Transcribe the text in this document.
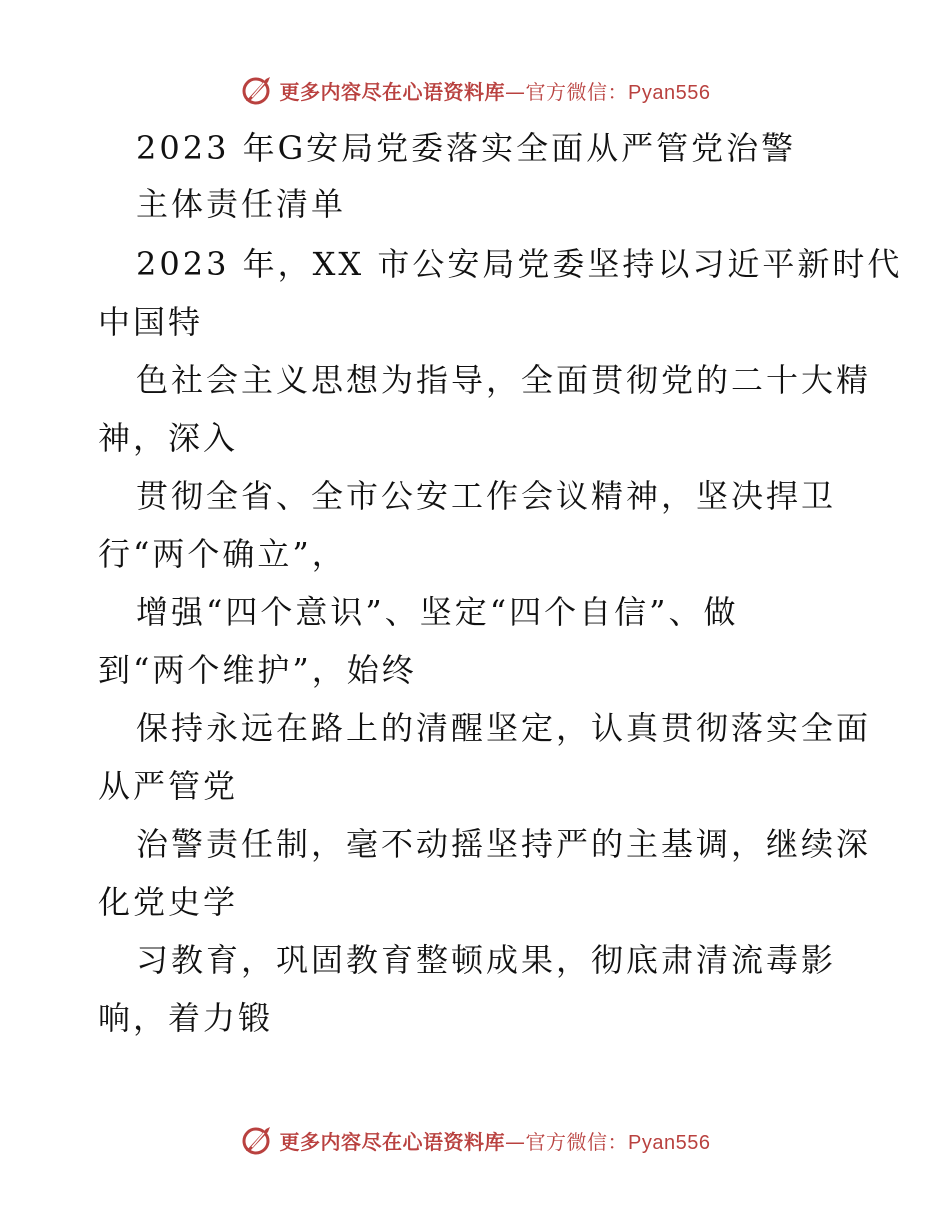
更多内容尽在心语资料库—官方微信：Pyan556
2023 年G安局党委落实全面从严管党治警
主体责任清单
2023 年，XX 市公安局党委坚持以习近平新时代
中国特
色社会主义思想为指导，全面贯彻党的二十大精
神，深入
贯彻全省、全市公安工作会议精神，坚决捍卫
行“两个确立”，
增强“四个意识”、坚定“四个自信”、做
到“两个维护”，始终
保持永远在路上的清醒坚定，认真贯彻落实全面
从严管党
治警责任制，毫不动摇坚持严的主基调，继续深
化党史学
习教育，巩固教育整顿成果，彻底肃清流毒影
响，着力锻
更多内容尽在心语资料库—官方微信：Pyan556
